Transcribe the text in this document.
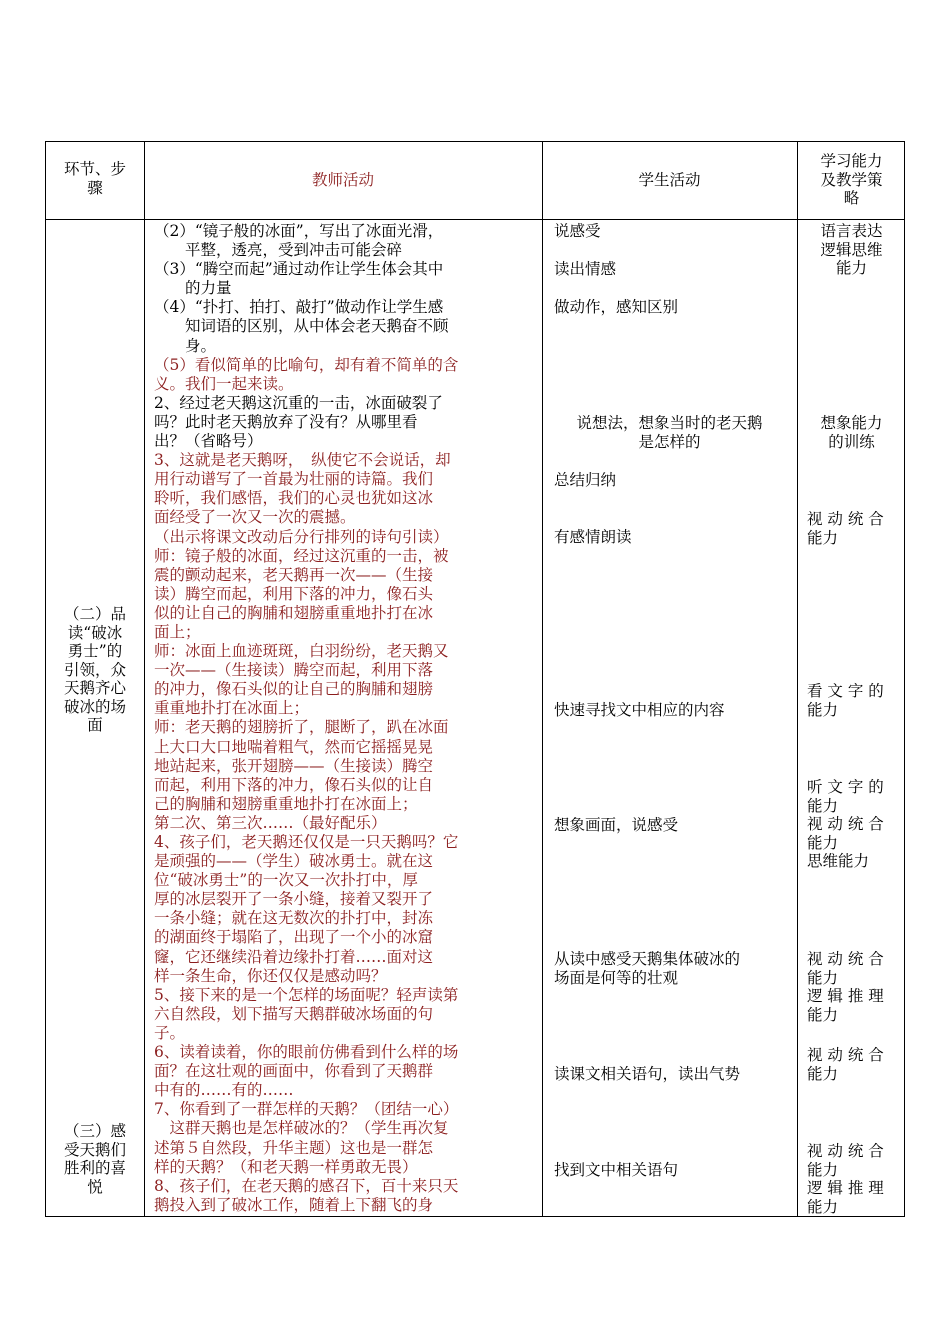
环节、步
骤	教师活动	学生活动
学习能力
及教学策
略
（二）品
读“破冰
勇士”的
引领，众
天鹅齐心
破冰的场
面
（三）感
受天鹅们
胜利的喜
悦
（2）“镜子般的冰面”，写出了冰面光滑，
　　平整，透亮，受到冲击可能会碎
（3）“腾空而起”通过动作让学生体会其中
　　的力量
（4）“扑打、拍打、敲打”做动作让学生感
　　知词语的区别，从中体会老天鹅奋不顾
　　身。
（5）看似简单的比喻句，却有着不简单的含
义。我们一起来读。
2、经过老天鹅这沉重的一击，冰面破裂了
吗？此时老天鹅放弃了没有？从哪里看
出？（省略号）
3、这就是老天鹅呀，　纵使它不会说话，却
用行动谱写了一首最为壮丽的诗篇。我们
聆听，我们感悟，我们的心灵也犹如这冰
面经受了一次又一次的震撼。
（出示将课文改动后分行排列的诗句引读）
师：镜子般的冰面，经过这沉重的一击，被
震的颤动起来，老天鹅再一次——（生接
读）腾空而起，利用下落的冲力，像石头
似的让自己的胸脯和翅膀重重地扑打在冰
面上；
师：冰面上血迹斑斑，白羽纷纷，老天鹅又
一次——（生接读）腾空而起，利用下落
的冲力，像石头似的让自己的胸脯和翅膀
重重地扑打在冰面上；
师：老天鹅的翅膀折了，腿断了，趴在冰面
上大口大口地喘着粗气，然而它摇摇晃晃
地站起来，张开翅膀——（生接读）腾空
而起，利用下落的冲力，像石头似的让自
己的胸脯和翅膀重重地扑打在冰面上；
第二次、第三次……（最好配乐）
4、孩子们，老天鹅还仅仅是一只天鹅吗？它
是顽强的——（学生）破冰勇士。就在这
位“破冰勇士”的一次又一次扑打中，厚
厚的冰层裂开了一条小缝，接着又裂开了
一条小缝；就在这无数次的扑打中，封冻
的湖面终于塌陷了，出现了一个小的冰窟
窿，它还继续沿着边缘扑打着……面对这
样一条生命，你还仅仅是感动吗？
5、接下来的是一个怎样的场面呢？轻声读第
六自然段，划下描写天鹅群破冰场面的句
子。
6、读着读着，你的眼前仿佛看到什么样的场
面？在这壮观的画面中，你看到了天鹅群
中有的……有的……
7、你看到了一群怎样的天鹅？（团结一心）
　这群天鹅也是怎样破冰的？（学生再次复
述第５自然段，升华主题）这也是一群怎
样的天鹅？（和老天鹅一样勇敢无畏）
8、孩子们，在老天鹅的感召下，百十来只天
鹅投入到了破冰工作，随着上下翻飞的身
说感受
读出情感
做动作，感知区别
说想法，想象当时的老天鹅
是怎样的
总结归纳
有感情朗读
快速寻找文中相应的内容
想象画面，说感受
从读中感受天鹅集体破冰的
场面是何等的壮观
读课文相关语句，读出气势
找到文中相关语句
语言表达
逻辑思维
能力
想象能力
的训练
视 动 统 合
能力
看 文 字 的
能力
听 文 字 的
能力
视 动 统 合
能力
思维能力
视 动 统 合
能力
逻 辑 推 理
能力
视 动 统 合
能力
视 动 统 合
能力
逻 辑 推 理
能力
